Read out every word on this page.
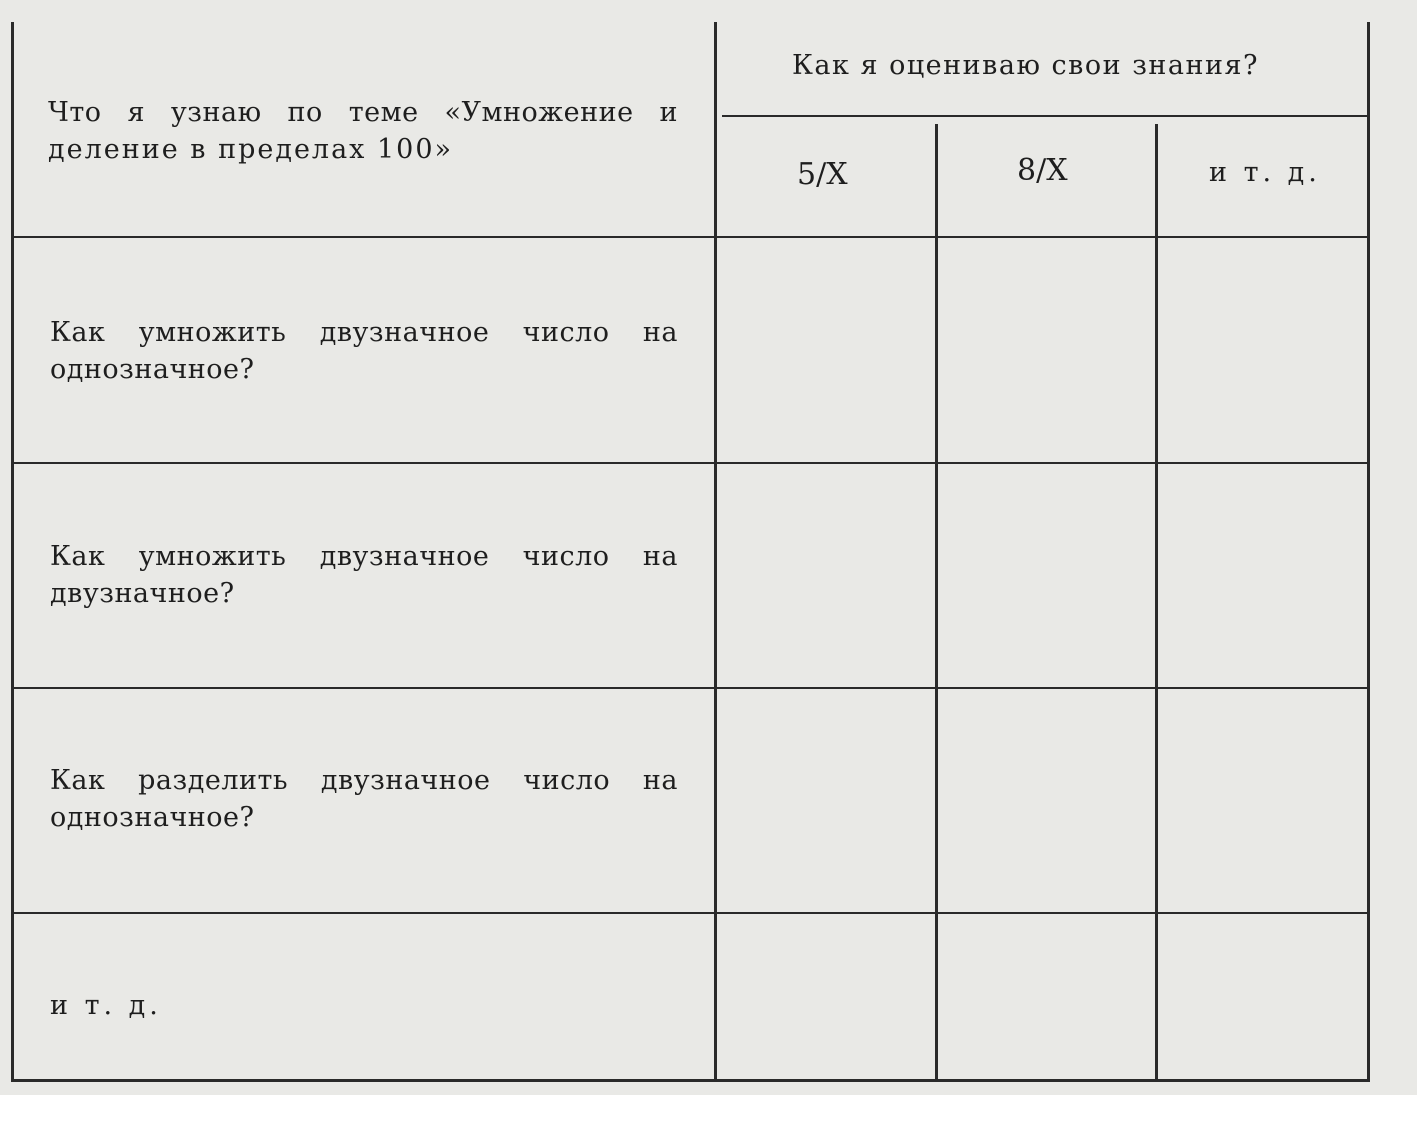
Что я узнаю по теме «Умножение и
деление в пределах 100»
Как я оцениваю свои знания?
5/X	8/X	и т. д.
Как умножить двузначное число на
однозначное?
Как умножить двузначное число на
двузначное?
Как разделить двузначное число на
однозначное?
и т. д.
